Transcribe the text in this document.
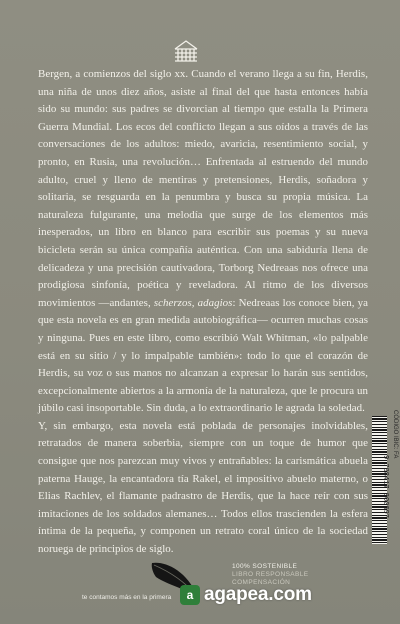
Bergen, a comienzos del siglo xx. Cuando el verano llega a su fin, Herdis, una niña de unos diez años, asiste al final del que hasta entonces había sido su mundo: sus padres se divorcian al tiempo que estalla la Primera Guerra Mundial. Los ecos del conflicto llegan a sus oídos a través de las conversaciones de los adultos: miedo, avaricia, resentimiento social, y pronto, en Rusia, una revolución… Enfrentada al estruendo del mundo adulto, cruel y lleno de mentiras y pretensiones, Herdis, soñadora y solitaria, se resguarda en la penumbra y busca su propia música. La naturaleza fulgurante, una melodía que surge de los elementos más inesperados, un libro en blanco para escribir sus poemas y su nueva bicicleta serán su única compañía auténtica. Con una sabiduría llena de delicadeza y una precisión cautivadora, Torborg Nedreaas nos ofrece una prodigiosa sinfonía, poética y reveladora. Al ritmo de los diversos movimientos —andantes, scherzos, adagios: Nedreaas los conoce bien, ya que esta novela es en gran medida autobiográfica— ocurren muchas cosas y ninguna. Pues en este libro, como escribió Walt Whitman, «lo palpable está en su sitio / y lo impalpable también»: todo lo que el corazón de Herdis, su voz o sus manos no alcanzan a expresar lo harán sus sentidos, excepcionalmente abiertos a la armonía de la naturaleza, que le procura un júbilo casi insoportable. Sin duda, a lo extraordinario le agrada la soledad.

Y, sin embargo, esta novela está poblada de personajes inolvidables, retratados de manera soberbia, siempre con un toque de humor que consigue que nos parezcan muy vivos y entrañables: la carismática abuela paterna Hauge, la encantadora tía Rakel, el impositivo abuelo materno, o Elias Rachlev, el flamante padrastro de Herdis, que la hace reír con sus imitaciones de los soldados alemanes… Todos ellos trascienden la esfera íntima de la pequeña, y componen un retrato coral único de la sociedad noruega de principios de siglo.

9 788417 800697
CÓDIGO IBIC: FA
100% SOSTENIBLE
LIBRO RESPONSABLE
COMPENSACIÓN
te contamos más en la primera	a agapea.com
